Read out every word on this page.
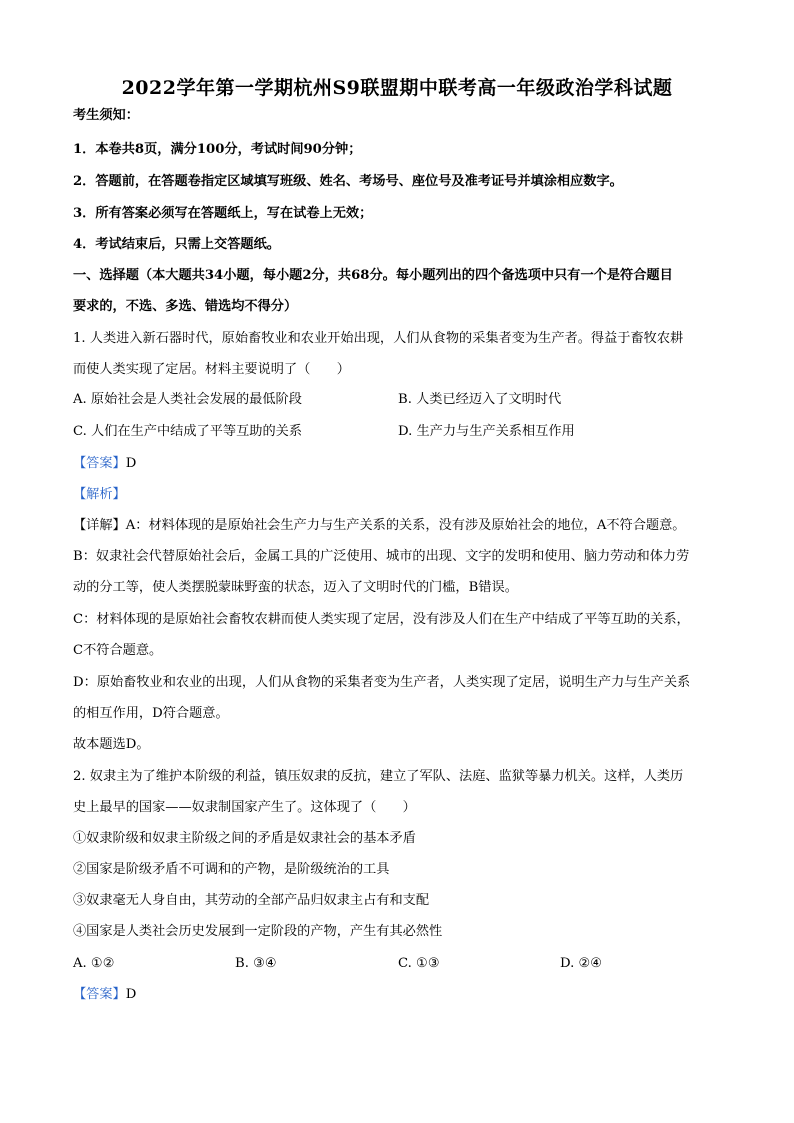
2022学年第一学期杭州S9联盟期中联考高一年级政治学科试题
考生须知：
1．本卷共8页，满分100分，考试时间90分钟；
2．答题前，在答题卷指定区域填写班级、姓名、考场号、座位号及准考证号并填涂相应数字。
3．所有答案必须写在答题纸上，写在试卷上无效；
4．考试结束后，只需上交答题纸。
一、选择题（本大题共34小题，每小题2分，共68分。每小题列出的四个备选项中只有一个是符合题目
要求的，不选、多选、错选均不得分）
1. 人类进入新石器时代，原始畜牧业和农业开始出现，人们从食物的采集者变为生产者。得益于畜牧农耕
而使人类实现了定居。材料主要说明了（　　）
A. 原始社会是人类社会发展的最低阶段	B. 人类已经迈入了文明时代
C. 人们在生产中结成了平等互助的关系	D. 生产力与生产关系相互作用
【答案】D
【解析】
【详解】A：材料体现的是原始社会生产力与生产关系的关系，没有涉及原始社会的地位，A不符合题意。
B：奴隶社会代替原始社会后，金属工具的广泛使用、城市的出现、文字的发明和使用、脑力劳动和体力劳
动的分工等，使人类摆脱蒙昧野蛮的状态，迈入了文明时代的门槛，B错误。
C：材料体现的是原始社会畜牧农耕而使人类实现了定居，没有涉及人们在生产中结成了平等互助的关系，
C不符合题意。
D：原始畜牧业和农业的出现，人们从食物的采集者变为生产者，人类实现了定居，说明生产力与生产关系
的相互作用，D符合题意。
故本题选D。
2. 奴隶主为了维护本阶级的利益，镇压奴隶的反抗，建立了军队、法庭、监狱等暴力机关。这样，人类历
史上最早的国家——奴隶制国家产生了。这体现了（　　）
①奴隶阶级和奴隶主阶级之间的矛盾是奴隶社会的基本矛盾
②国家是阶级矛盾不可调和的产物，是阶级统治的工具
③奴隶毫无人身自由，其劳动的全部产品归奴隶主占有和支配
④国家是人类社会历史发展到一定阶段的产物，产生有其必然性
A. ①②	B. ③④	C. ①③	D. ②④
【答案】D
